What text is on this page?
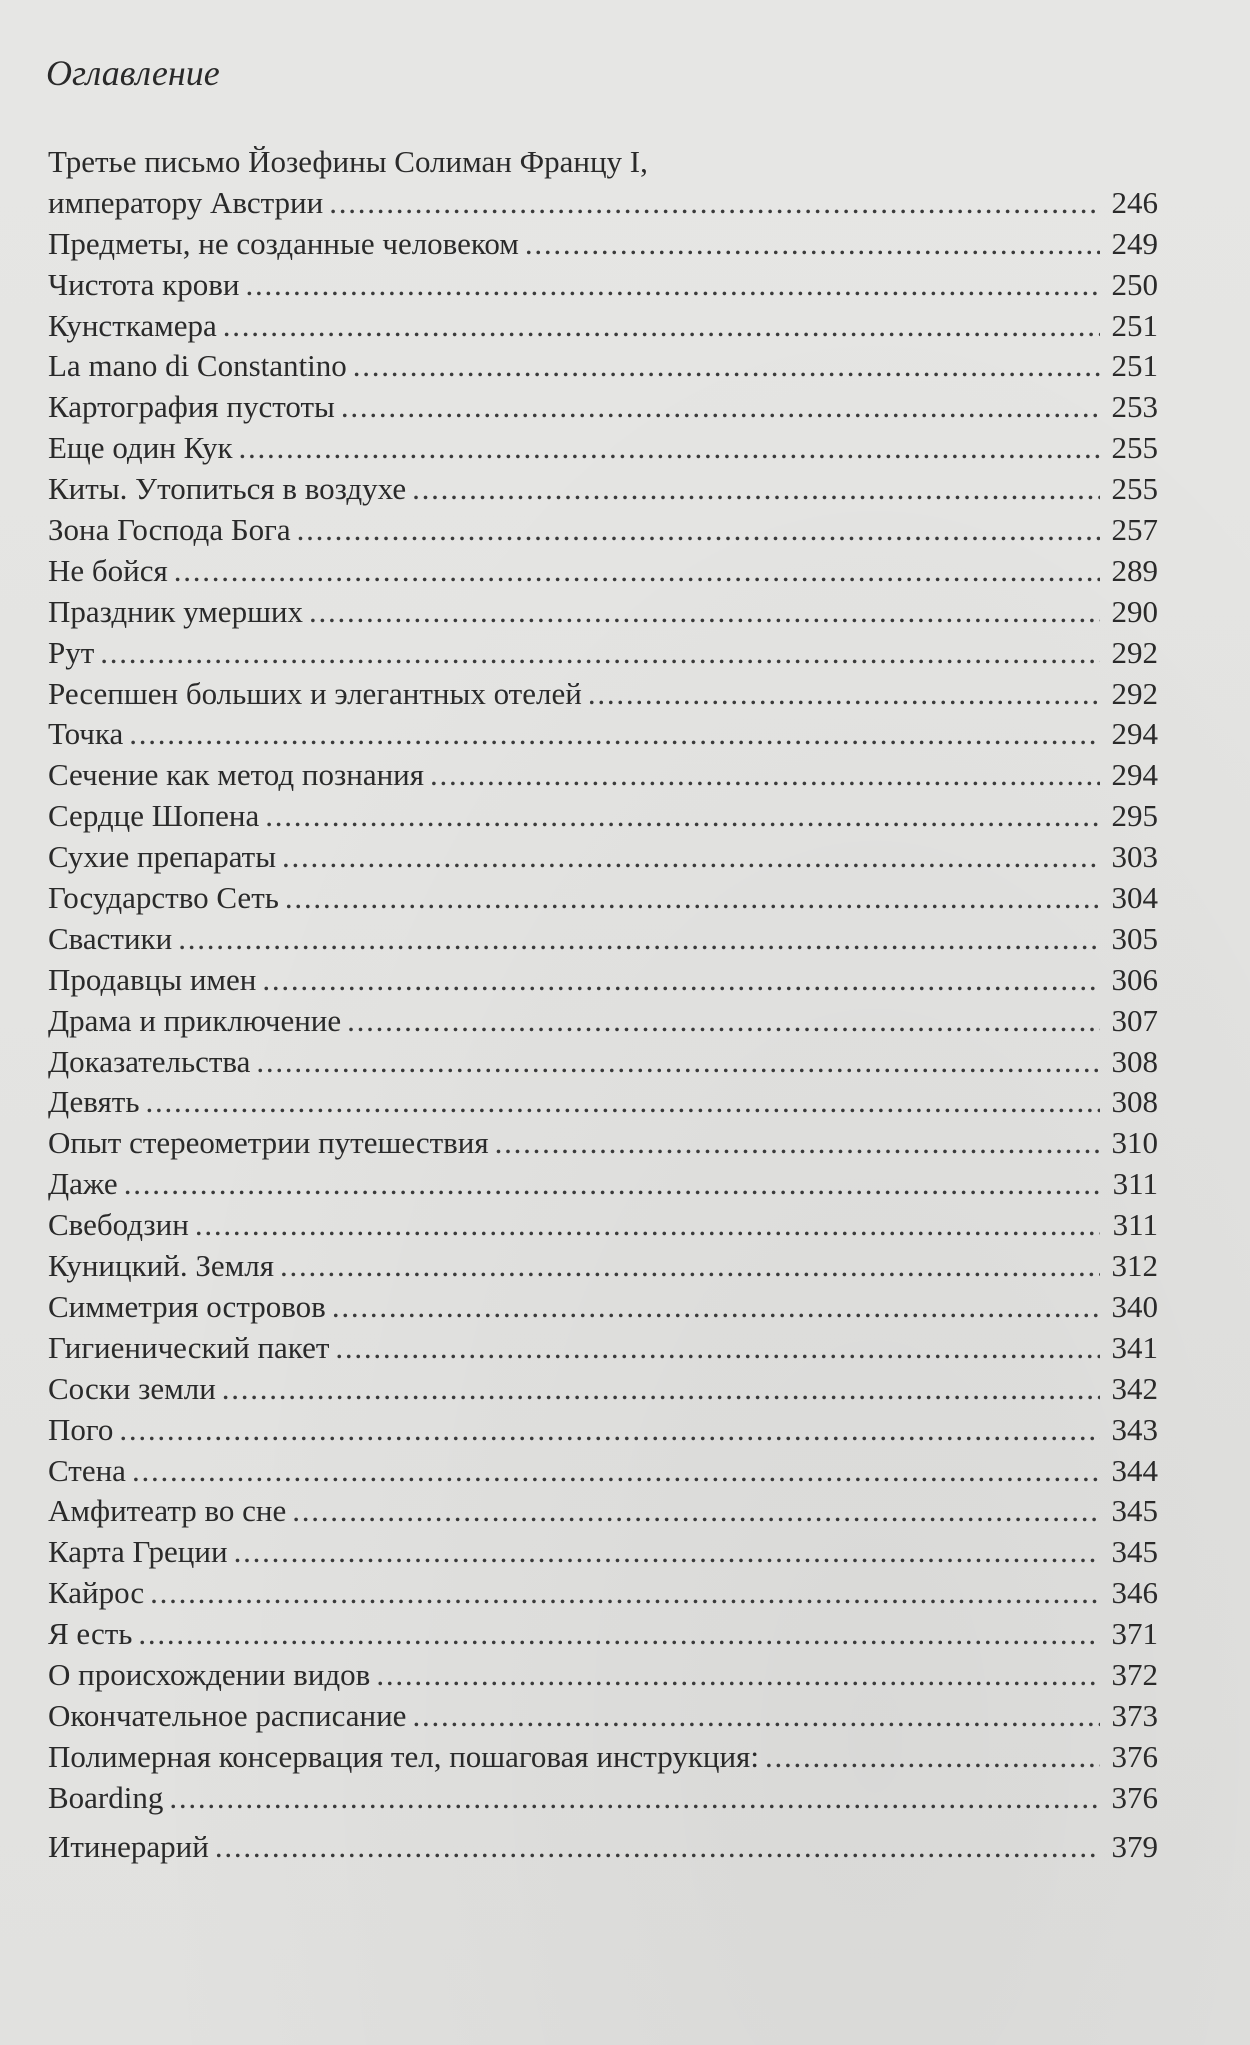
Оглавление
Третье письмо Йозефины Солиман Францу I,
императору Австрии . . .	246
Предметы, не созданные человеком . . .	249
Чистота крови . . .	250
Кунсткамера . . .	251
La mano di Constantino . . .	251
Картография пустоты . . .	253
Еще один Кук . . .	255
Киты. Утопиться в воздухе . . .	255
Зона Господа Бога . . .	257
Не бойся . . .	289
Праздник умерших . . .	290
Рут . . .	292
Ресепшен больших и элегантных отелей . . .	292
Точка . . .	294
Сечение как метод познания . . .	294
Сердце Шопена . . .	295
Сухие препараты . . .	303
Государство Сеть . . .	304
Свастики . . .	305
Продавцы имен . . .	306
Драма и приключение . . .	307
Доказательства . . .	308
Девять . . .	308
Опыт стереометрии путешествия . . .	310
Даже . . .	311
Свебодзин . . .	311
Куницкий. Земля . . .	312
Симметрия островов . . .	340
Гигиенический пакет . . .	341
Соски земли . . .	342
Пого . . .	343
Стена . . .	344
Амфитеатр во сне . . .	345
Карта Греции . . .	345
Кайрос . . .	346
Я есть . . .	371
О происхождении видов . . .	372
Окончательное расписание . . .	373
Полимерная консервация тел, пошаговая инструкция: . . .	376
Boarding . . .	376
Итинерарий . . .	379
